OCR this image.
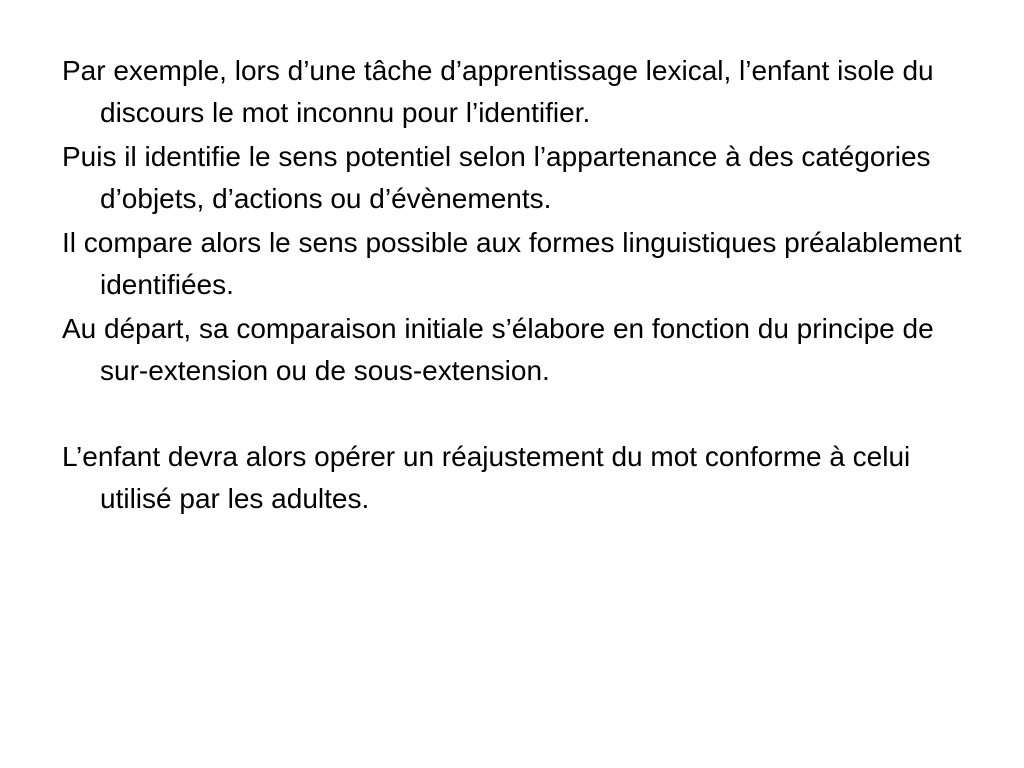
Par exemple, lors d’une tâche d’apprentissage lexical, l’enfant isole du discours le mot inconnu pour l’identifier.

Puis il identifie le sens potentiel selon l’appartenance à des catégories d’objets, d’actions ou d’évènements.

Il compare alors le sens possible aux formes linguistiques préalablement identifiées.

Au départ, sa comparaison initiale s’élabore en fonction du principe de sur-extension ou de sous-extension.

L’enfant devra alors opérer un réajustement du mot conforme à celui utilisé par les adultes.
